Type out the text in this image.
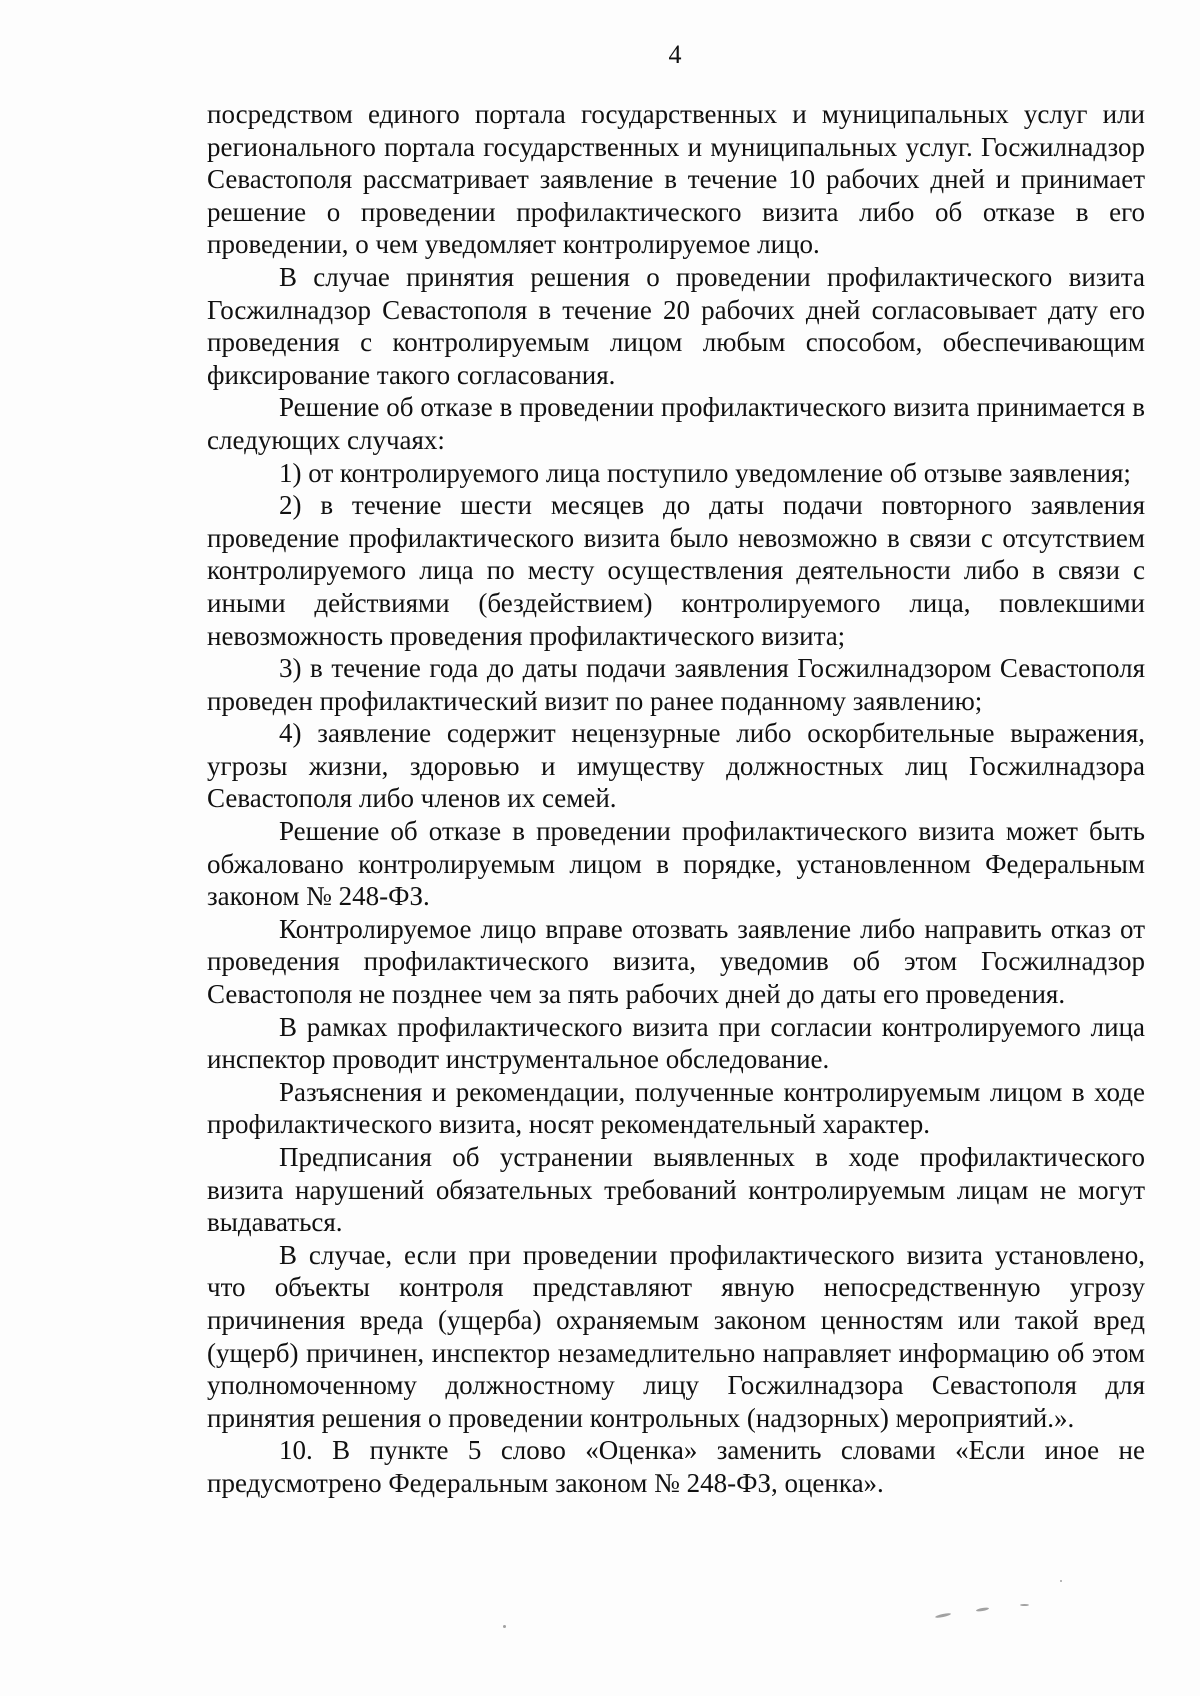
4

посредством единого портала государственных и муниципальных услуг или регионального портала государственных и муниципальных услуг. Госжилнадзор Севастополя рассматривает заявление в течение 10 рабочих дней и принимает решение о проведении профилактического визита либо об отказе в его проведении, о чем уведомляет контролируемое лицо.

В случае принятия решения о проведении профилактического визита Госжилнадзор Севастополя в течение 20 рабочих дней согласовывает дату его проведения с контролируемым лицом любым способом, обеспечивающим фиксирование такого согласования.

Решение об отказе в проведении профилактического визита принимается в следующих случаях:

1) от контролируемого лица поступило уведомление об отзыве заявления;

2) в течение шести месяцев до даты подачи повторного заявления проведение профилактического визита было невозможно в связи с отсутствием контролируемого лица по месту осуществления деятельности либо в связи с иными действиями (бездействием) контролируемого лица, повлекшими невозможность проведения профилактического визита;

3) в течение года до даты подачи заявления Госжилнадзором Севастополя проведен профилактический визит по ранее поданному заявлению;

4) заявление содержит нецензурные либо оскорбительные выражения, угрозы жизни, здоровью и имуществу должностных лиц Госжилнадзора Севастополя либо членов их семей.

Решение об отказе в проведении профилактического визита может быть обжаловано контролируемым лицом в порядке, установленном Федеральным законом № 248-ФЗ.

Контролируемое лицо вправе отозвать заявление либо направить отказ от проведения профилактического визита, уведомив об этом Госжилнадзор Севастополя не позднее чем за пять рабочих дней до даты его проведения.

В рамках профилактического визита при согласии контролируемого лица инспектор проводит инструментальное обследование.

Разъяснения и рекомендации, полученные контролируемым лицом в ходе профилактического визита, носят рекомендательный характер.

Предписания об устранении выявленных в ходе профилактического визита нарушений обязательных требований контролируемым лицам не могут выдаваться.

В случае, если при проведении профилактического визита установлено, что объекты контроля представляют явную непосредственную угрозу причинения вреда (ущерба) охраняемым законом ценностям или такой вред (ущерб) причинен, инспектор незамедлительно направляет информацию об этом уполномоченному должностному лицу Госжилнадзора Севастополя для принятия решения о проведении контрольных (надзорных) мероприятий.».

10. В пункте 5 слово «Оценка» заменить словами «Если иное не предусмотрено Федеральным законом № 248-ФЗ, оценка».
